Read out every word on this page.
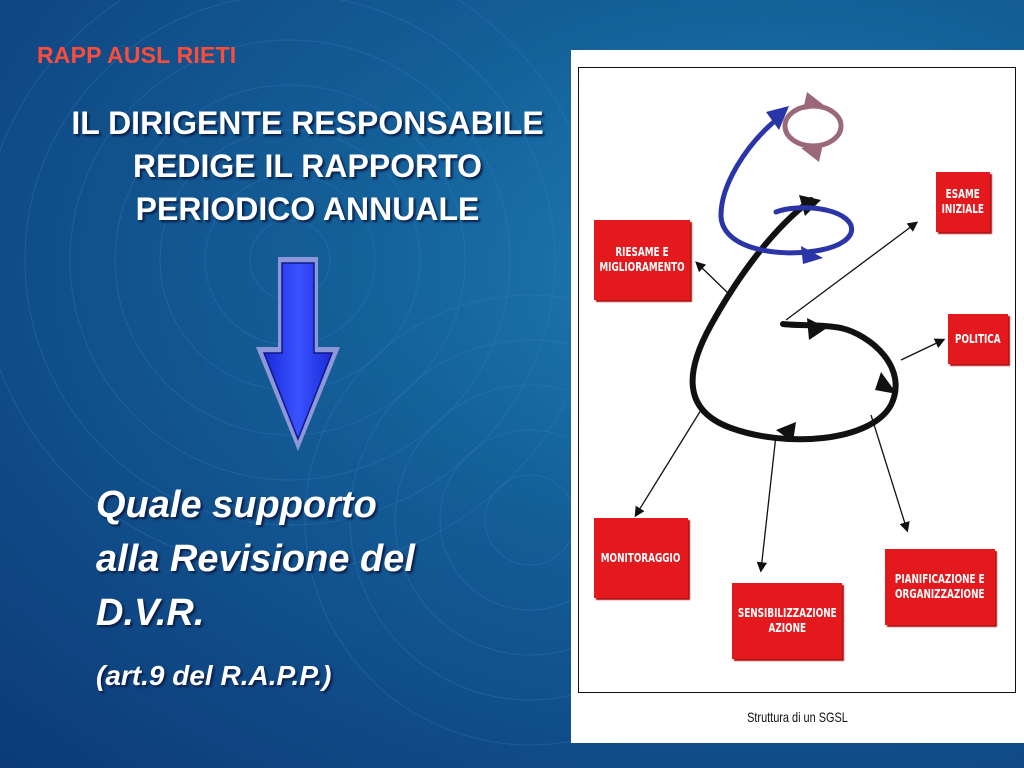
RAPP AUSL RIETI
IL DIRIGENTE RESPONSABILE
REDIGE IL RAPPORTO
PERIODICO ANNUALE
Quale supporto
alla Revisione del
D.V.R.
(art.9 del R.A.P.P.)
RIESAME E
MIGLIORAMENTO
ESAME
INIZIALE
POLITICA
MONITORAGGIO
SENSIBILIZZAZIONE
AZIONE
PIANIFICAZIONE E
ORGANIZZAZIONE
Struttura di un SGSL
